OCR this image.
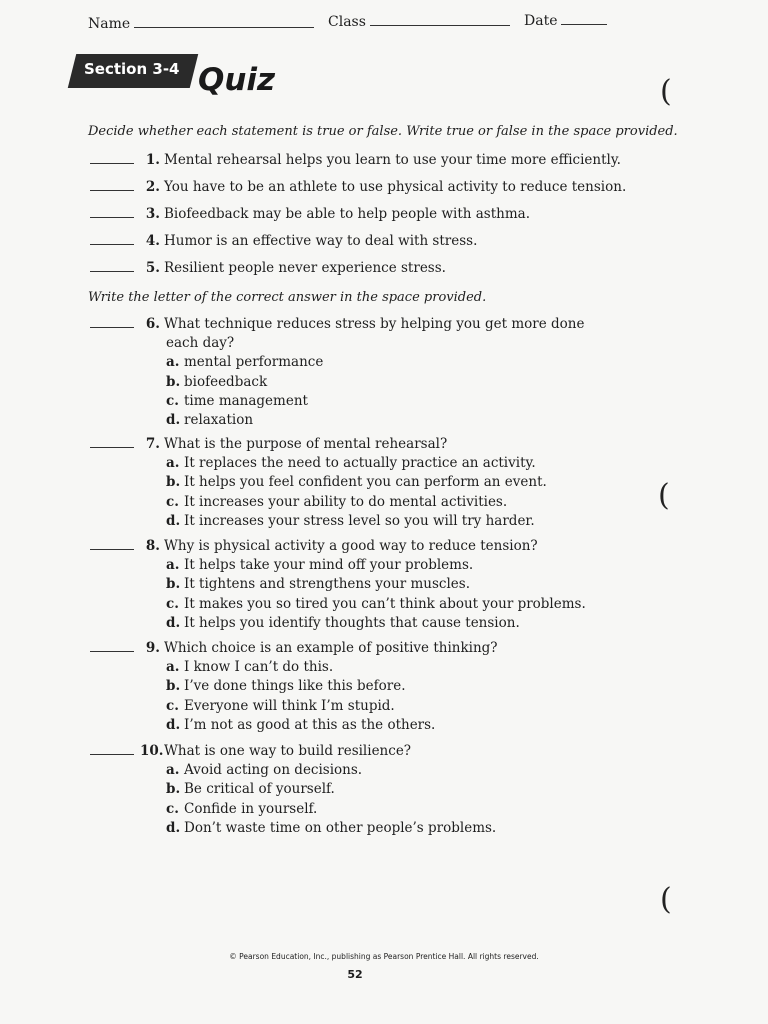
Name	Class	Date
Section 3-4 Quiz
Decide whether each statement is true or false. Write true or false in the space provided.
1. Mental rehearsal helps you learn to use your time more efficiently.
2. You have to be an athlete to use physical activity to reduce tension.
3. Biofeedback may be able to help people with asthma.
4. Humor is an effective way to deal with stress.
5. Resilient people never experience stress.
Write the letter of the correct answer in the space provided.
6. What technique reduces stress by helping you get more done
each day?
a. mental performance
b. biofeedback
c. time management
d. relaxation
7. What is the purpose of mental rehearsal?
a. It replaces the need to actually practice an activity.
b. It helps you feel confident you can perform an event.
c. It increases your ability to do mental activities.
d. It increases your stress level so you will try harder.
8. Why is physical activity a good way to reduce tension?
a. It helps take your mind off your problems.
b. It tightens and strengthens your muscles.
c. It makes you so tired you can’t think about your problems.
d. It helps you identify thoughts that cause tension.
9. Which choice is an example of positive thinking?
a. I know I can’t do this.
b. I’ve done things like this before.
c. Everyone will think I’m stupid.
d. I’m not as good at this as the others.
10.What is one way to build resilience?
a. Avoid acting on decisions.
b. Be critical of yourself.
c. Confide in yourself.
d. Don’t waste time on other people’s problems.
(
(
(
© Pearson Education, Inc., publishing as Pearson Prentice Hall. All rights reserved.
52
